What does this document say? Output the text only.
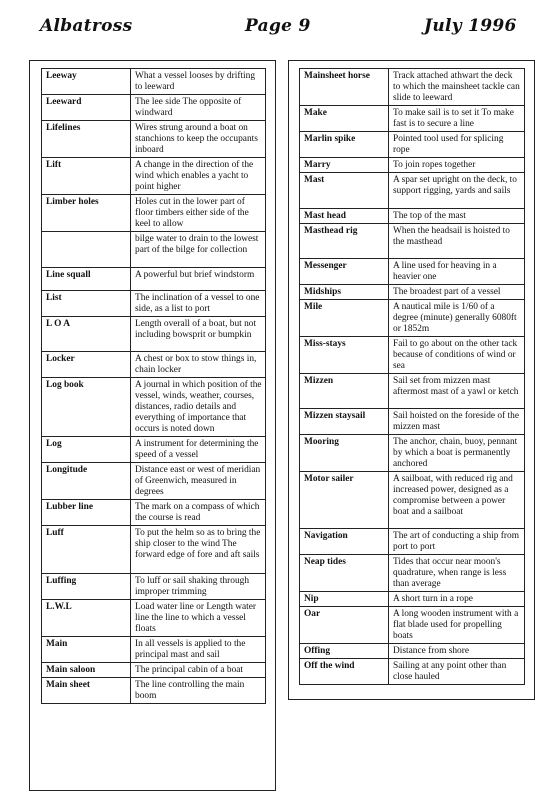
Albatross	Page 9	July 1996
Leeway	What a vessel looses by drifting to leeward
Leeward	The lee side The opposite of windward
Lifelines	Wires strung around a boat on stanchions to keep the occupants inboard
Lift	A change in the direction of the wind which enables a yacht to point higher
Limber holes	Holes cut in the lower part of floor timbers either side of the keel to allow
	bilge water to drain to the lowest part of the bilge for collection
Line squall	A powerful but brief windstorm
List	The inclination of a vessel to one side, as a list to port
L O A	Length overall of a boat, but not including bowsprit or bumpkin
Locker	A chest or box to stow things in, chain locker
Log book	A journal in which position of the vessel, winds, weather, courses, distances, radio details and everything of importance that occurs is noted down
Log	A instrument for determining the speed of a vessel
Longitude	Distance east or west of meridian of Greenwich, measured in degrees
Lubber line	The mark on a compass of which the course is read
Luff	To put the helm so as to bring the ship closer to the wind The forward edge of fore and aft sails
Luffing	To luff or sail shaking through improper trimming
L.W.L	Load water line or Length water line the line to which a vessel floats
Main	In all vessels is applied to the principal mast and sail
Main saloon	The principal cabin of a boat
Main sheet	The line controlling the main boom
Mainsheet horse	Track attached athwart the deck to which the mainsheet tackle can slide to leeward
Make	To make sail is to set it To make fast is to secure a line
Marlin spike	Pointed tool used for splicing rope
Marry	To join ropes together
Mast	A spar set upright on the deck, to support rigging, yards and sails
Mast head	The top of the mast
Masthead rig	When the headsail is hoisted to the masthead
Messenger	A line used for heaving in a heavier one
Midships	The broadest part of a vessel
Mile	A nautical mile is 1/60 of a degree (minute) generally 6080ft or 1852m
Miss-stays	Fail to go about on the other tack because of conditions of wind or sea
Mizzen	Sail set from mizzen mast aftermost mast of a yawl or ketch
Mizzen staysail	Sail hoisted on the foreside of the mizzen mast
Mooring	The anchor, chain, buoy, pennant by which a boat is permanently anchored
Motor sailer	A sailboat, with reduced rig and increased power, designed as a compromise between a power boat and a sailboat
Navigation	The art of conducting a ship from port to port
Neap tides	Tides that occur near moon's quadrature, when range is less than average
Nip	A short turn in a rope
Oar	A long wooden instrument with a flat blade used for propelling boats
Offing	Distance from shore
Off the wind	Sailing at any point other than close hauled
